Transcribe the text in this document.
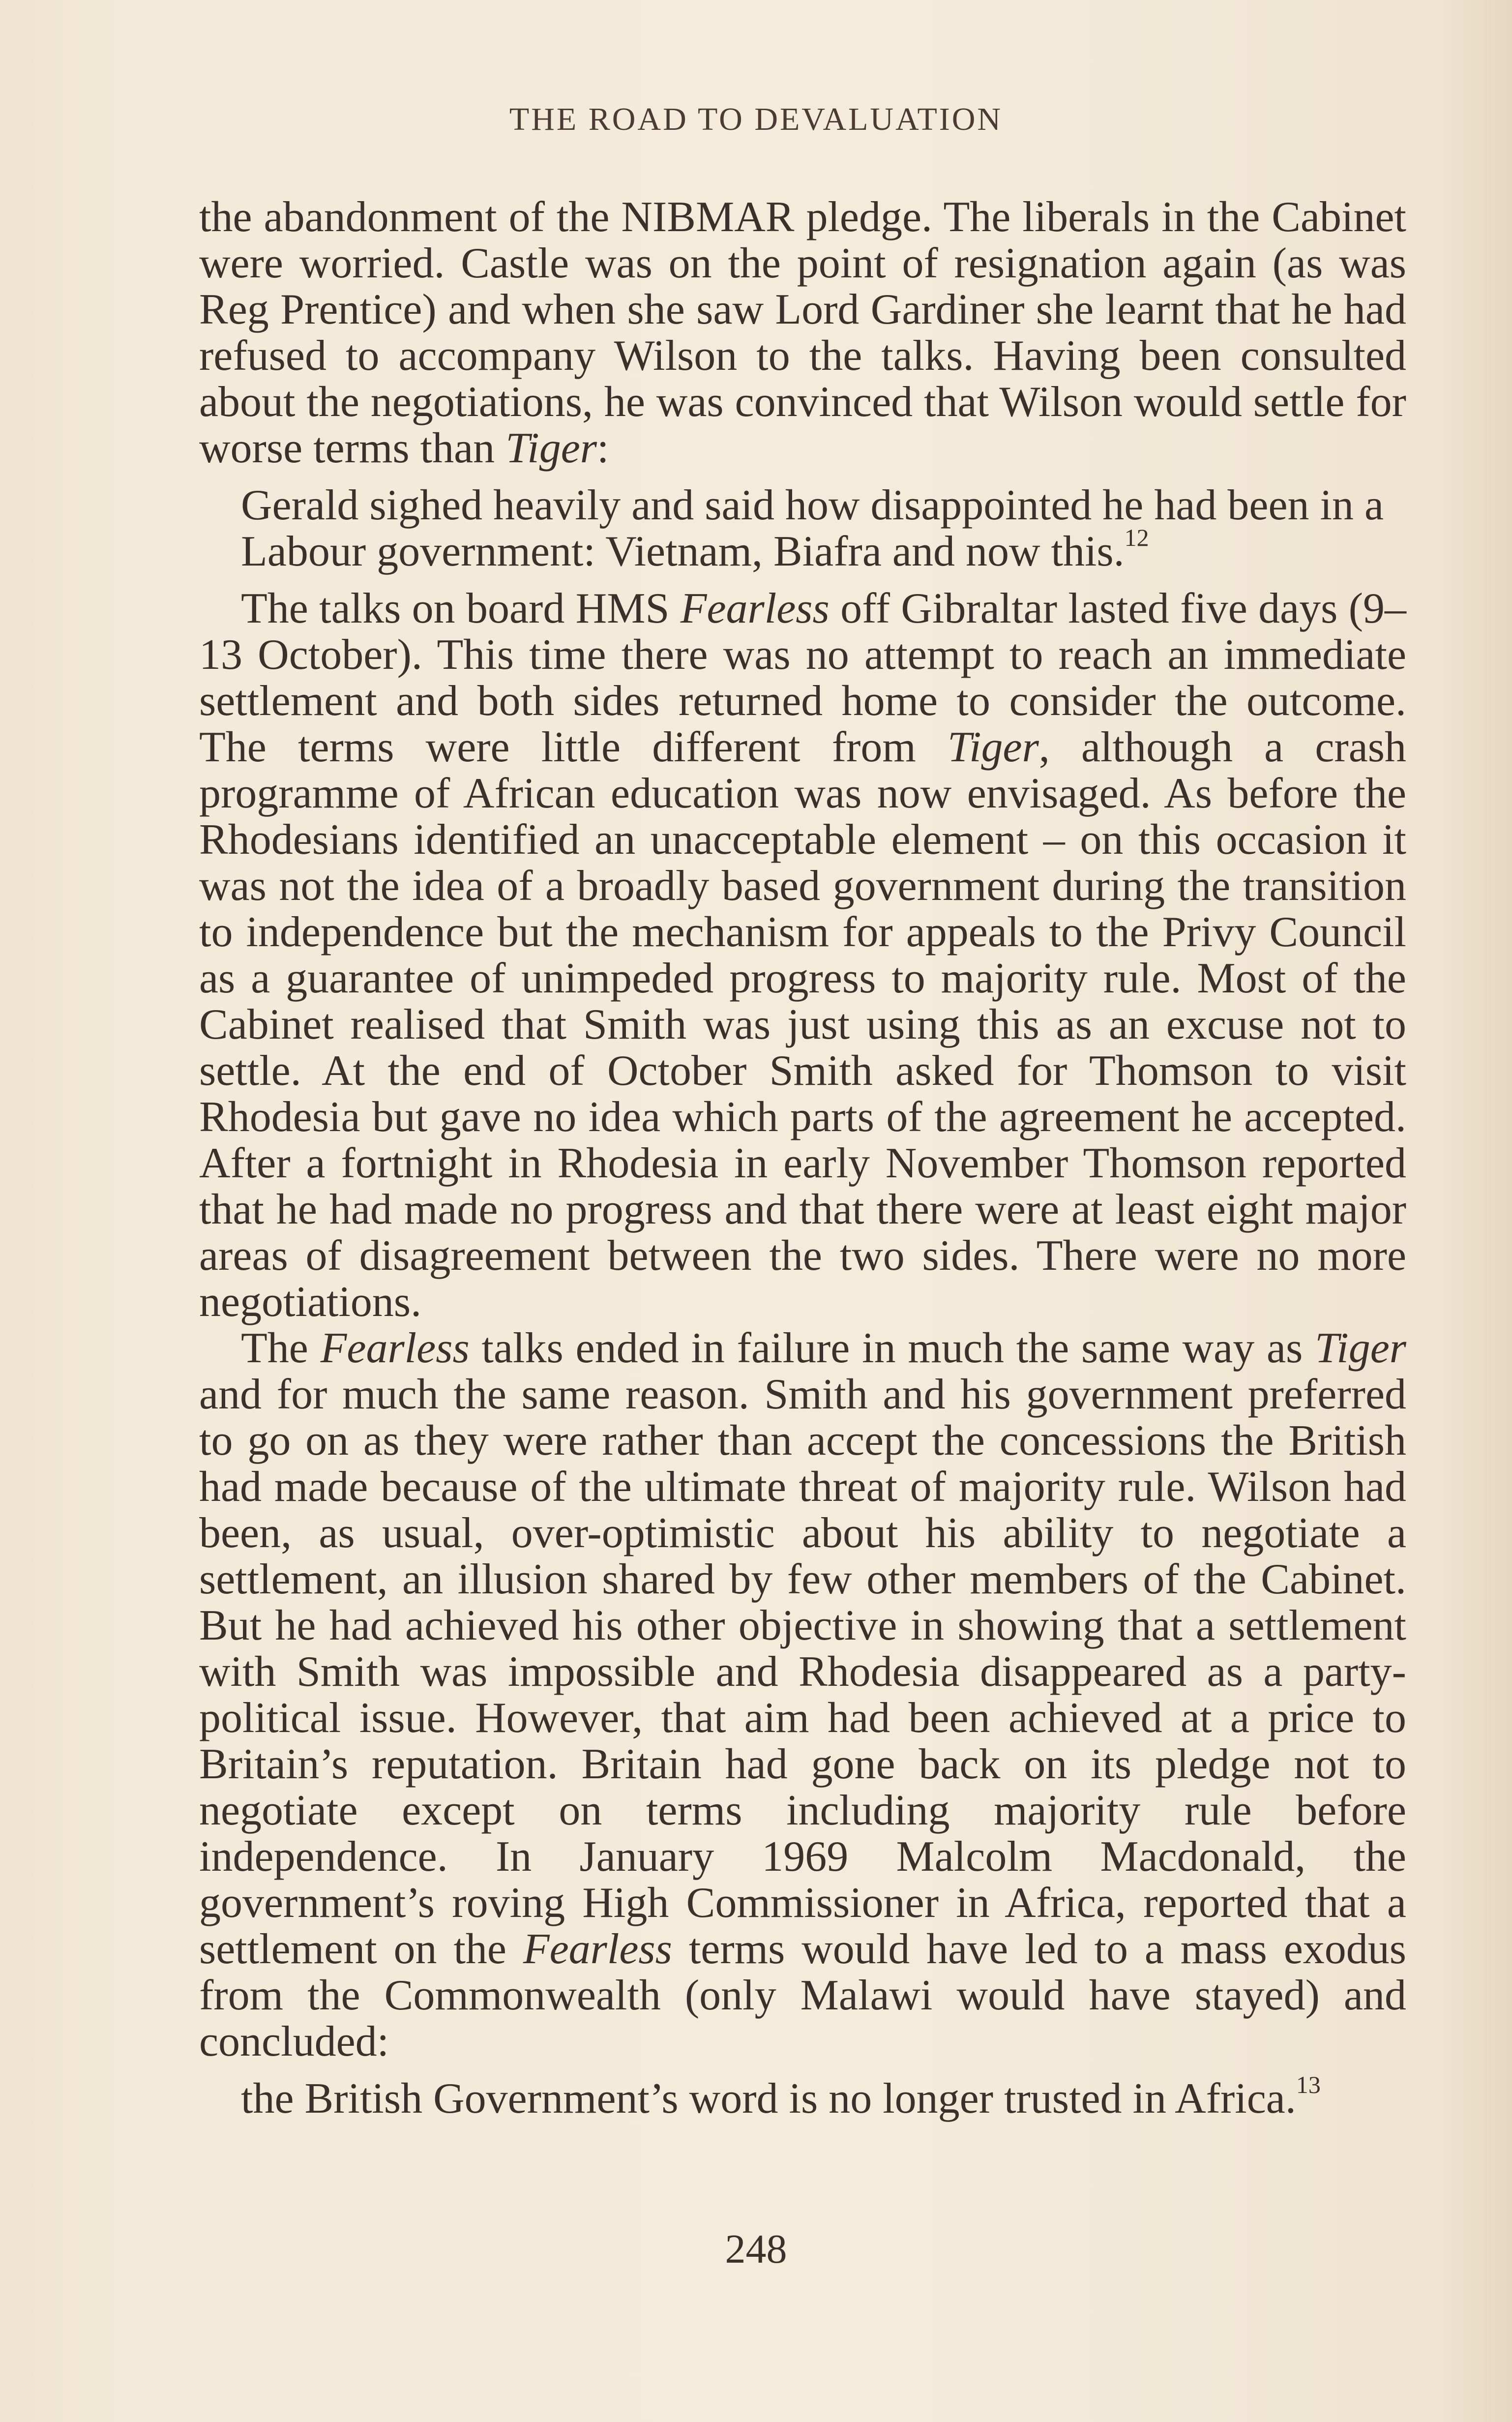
THE ROAD TO DEVALUATION

the abandonment of the NIBMAR pledge. The liberals in the Cabinet were worried. Castle was on the point of resignation again (as was Reg Prentice) and when she saw Lord Gardiner she learnt that he had refused to accompany Wilson to the talks. Having been consulted about the negotiations, he was convinced that Wilson would settle for worse terms than Tiger:

Gerald sighed heavily and said how disappointed he had been in a Labour government: Vietnam, Biafra and now this.$^{12}$

The talks on board HMS Fearless off Gibraltar lasted five days (9–13 October). This time there was no attempt to reach an immediate settlement and both sides returned home to consider the outcome. The terms were little different from Tiger, although a crash programme of African education was now envisaged. As before the Rhodesians identified an unacceptable element – on this occasion it was not the idea of a broadly based government during the transition to independence but the mechanism for appeals to the Privy Council as a guarantee of unimpeded progress to majority rule. Most of the Cabinet realised that Smith was just using this as an excuse not to settle. At the end of October Smith asked for Thomson to visit Rhodesia but gave no idea which parts of the agreement he accepted. After a fortnight in Rhodesia in early November Thomson reported that he had made no progress and that there were at least eight major areas of disagreement between the two sides. There were no more negotiations.

The Fearless talks ended in failure in much the same way as Tiger and for much the same reason. Smith and his government preferred to go on as they were rather than accept the concessions the British had made because of the ultimate threat of majority rule. Wilson had been, as usual, over-optimistic about his ability to negotiate a settlement, an illusion shared by few other members of the Cabinet. But he had achieved his other objective in showing that a settlement with Smith was impossible and Rhodesia disappeared as a party-political issue. However, that aim had been achieved at a price to Britain’s reputation. Britain had gone back on its pledge not to negotiate except on terms including majority rule before independence. In January 1969 Malcolm Macdonald, the government’s roving High Commissioner in Africa, reported that a settlement on the Fearless terms would have led to a mass exodus from the Commonwealth (only Malawi would have stayed) and concluded:

the British Government’s word is no longer trusted in Africa.$^{13}$

248
